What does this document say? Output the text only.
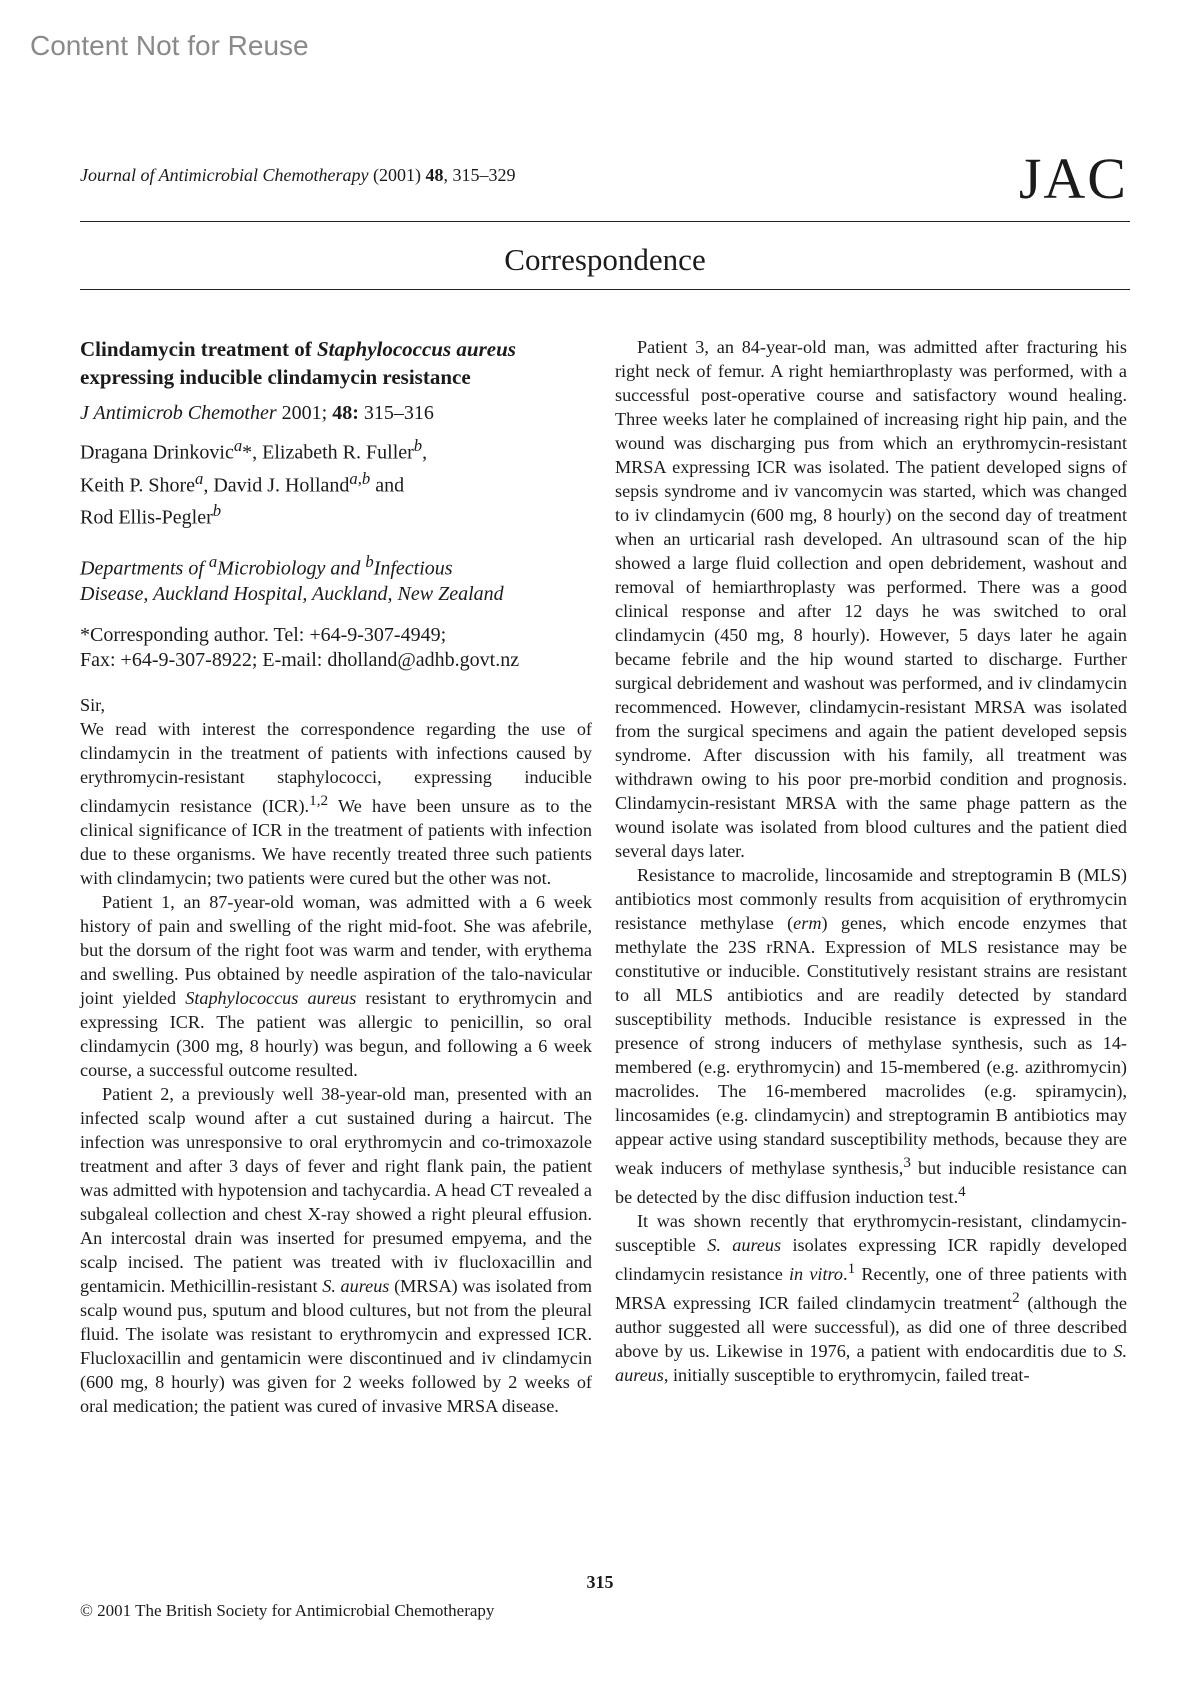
Content Not for Reuse
Journal of Antimicrobial Chemotherapy (2001) 48, 315–329	JAC
Correspondence
Clindamycin treatment of Staphylococcus aureus
expressing inducible clindamycin resistance
J Antimicrob Chemother 2001; 48: 315–316
Dragana Drinkovic$^a$*, Elizabeth R. Fuller$^b$,
Keith P. Shore$^a$, David J. Holland$^{a,b}$ and
Rod Ellis-Pegler$^b$
Departments of $^a$Microbiology and $^b$Infectious
Disease, Auckland Hospital, Auckland, New Zealand
*Corresponding author. Tel: +64-9-307-4949;
Fax: +64-9-307-8922; E-mail: dholland@adhb.govt.nz

Sir,

We read with interest the correspondence regarding the use of clindamycin in the treatment of patients with infections caused by erythromycin-resistant staphylococci, expressing inducible clindamycin resistance (ICR).$^{1,2}$ We have been unsure as to the clinical significance of ICR in the treatment of patients with infection due to these organisms. We have recently treated three such patients with clindamycin; two patients were cured but the other was not.

Patient 1, an 87-year-old woman, was admitted with a 6 week history of pain and swelling of the right mid-foot. She was afebrile, but the dorsum of the right foot was warm and tender, with erythema and swelling. Pus obtained by needle aspiration of the talo-navicular joint yielded Staphylococcus aureus resistant to erythromycin and expressing ICR. The patient was allergic to penicillin, so oral clindamycin (300 mg, 8 hourly) was begun, and following a 6 week course, a successful outcome resulted.

Patient 2, a previously well 38-year-old man, presented with an infected scalp wound after a cut sustained during a haircut. The infection was unresponsive to oral erythromycin and co-trimoxazole treatment and after 3 days of fever and right flank pain, the patient was admitted with hypotension and tachycardia. A head CT revealed a subgaleal collection and chest X-ray showed a right pleural effusion. An intercostal drain was inserted for presumed empyema, and the scalp incised. The patient was treated with iv flucloxacillin and gentamicin. Methicillin-resistant S. aureus (MRSA) was isolated from scalp wound pus, sputum and blood cultures, but not from the pleural fluid. The isolate was resistant to erythromycin and expressed ICR. Flucloxacillin and gentamicin were discontinued and iv clindamycin (600 mg, 8 hourly) was given for 2 weeks followed by 2 weeks of oral medication; the patient was cured of invasive MRSA disease.

Patient 3, an 84-year-old man, was admitted after fracturing his right neck of femur. A right hemiarthroplasty was performed, with a successful post-operative course and satisfactory wound healing. Three weeks later he complained of increasing right hip pain, and the wound was discharging pus from which an erythromycin-resistant MRSA expressing ICR was isolated. The patient developed signs of sepsis syndrome and iv vancomycin was started, which was changed to iv clindamycin (600 mg, 8 hourly) on the second day of treatment when an urticarial rash developed. An ultrasound scan of the hip showed a large fluid collection and open debridement, washout and removal of hemiarthroplasty was performed. There was a good clinical response and after 12 days he was switched to oral clindamycin (450 mg, 8 hourly). However, 5 days later he again became febrile and the hip wound started to discharge. Further surgical debridement and washout was performed, and iv clindamycin recommenced. However, clindamycin-resistant MRSA was isolated from the surgical specimens and again the patient developed sepsis syndrome. After discussion with his family, all treatment was withdrawn owing to his poor pre-morbid condition and prognosis. Clindamycin-resistant MRSA with the same phage pattern as the wound isolate was isolated from blood cultures and the patient died several days later.

Resistance to macrolide, lincosamide and streptogramin B (MLS) antibiotics most commonly results from acquisition of erythromycin resistance methylase (erm) genes, which encode enzymes that methylate the 23S rRNA. Expression of MLS resistance may be constitutive or inducible. Constitutively resistant strains are resistant to all MLS antibiotics and are readily detected by standard susceptibility methods. Inducible resistance is expressed in the presence of strong inducers of methylase synthesis, such as 14-membered (e.g. erythromycin) and 15-membered (e.g. azithromycin) macrolides. The 16-membered macrolides (e.g. spiramycin), lincosamides (e.g. clindamycin) and streptogramin B antibiotics may appear active using standard susceptibility methods, because they are weak inducers of methylase synthesis,$^3$ but inducible resistance can be detected by the disc diffusion induction test.$^4$

It was shown recently that erythromycin-resistant, clindamycin-susceptible S. aureus isolates expressing ICR rapidly developed clindamycin resistance in vitro.$^1$ Recently, one of three patients with MRSA expressing ICR failed clindamycin treatment$^2$ (although the author suggested all were successful), as did one of three described above by us. Likewise in 1976, a patient with endocarditis due to S. aureus, initially susceptible to erythromycin, failed treat-

315
© 2001 The British Society for Antimicrobial Chemotherapy
